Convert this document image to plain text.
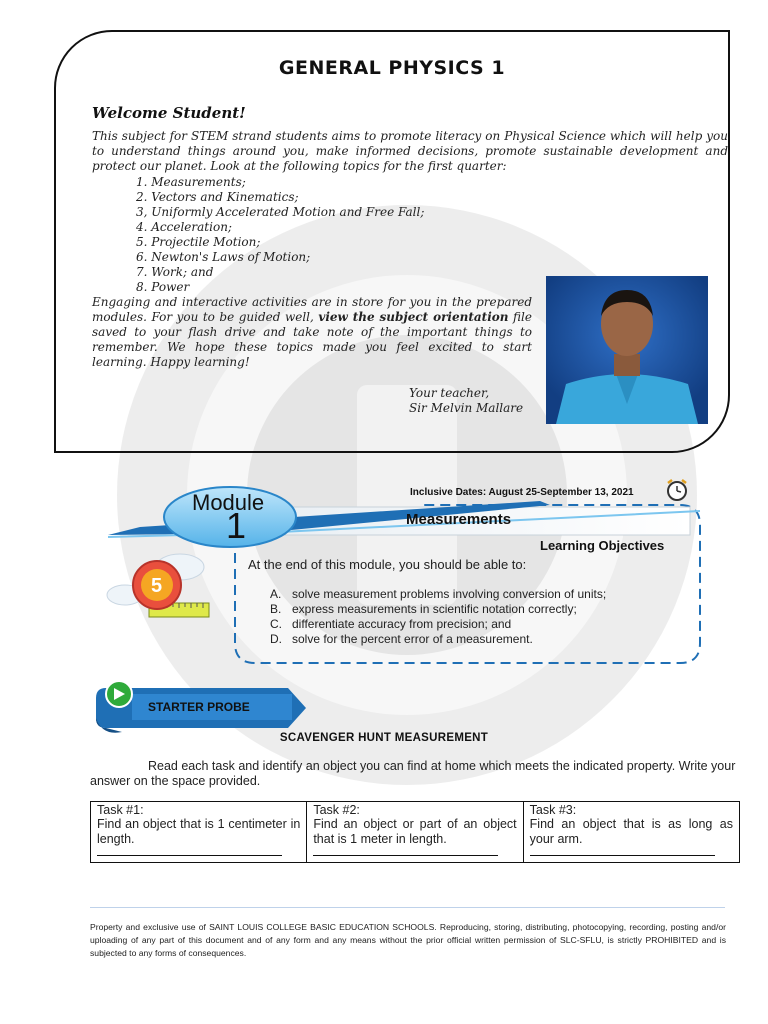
GENERAL PHYSICS 1
Welcome Student!
This subject for STEM strand students aims to promote literacy on Physical Science which will help you to understand things around you, make informed decisions, promote sustainable development and protect our planet. Look at the following topics for the first quarter:
1. Measurements;
2. Vectors and Kinematics;
3, Uniformly Accelerated Motion and Free Fall;
4. Acceleration;
5. Projectile Motion;
6. Newton's Laws of Motion;
7. Work; and
8. Power
Engaging and interactive activities are in store for you in the prepared modules. For you to be guided well, view the subject orientation file saved to your flash drive and take note of the important things to remember. We hope these topics made you feel excited to start learning. Happy learning!
Your teacher,
Sir Melvin Mallare
Inclusive Dates: August 25-September 13, 2021
Module
1	Measurements
Learning Objectives
At the end of this module, you should be able to:
A. solve measurement problems involving conversion of units;
B. express measurements in scientific notation correctly;
C. differentiate accuracy from precision; and
D. solve for the percent error of a measurement.
5
STARTER PROBE
SCAVENGER HUNT MEASUREMENT
Read each task and identify an object you can find at home which meets the indicated property. Write your answer on the space provided.
Task #1:
Find an object that is 1 centimeter in length.

Task #2:
Find an object or part of an object that is 1 meter in length.

Task #3:
Find an object that is as long as your arm.
Property and exclusive use of SAINT LOUIS COLLEGE BASIC EDUCATION SCHOOLS. Reproducing, storing, distributing, photocopying, recording, posting and/or uploading of any part of this document and of any form and any means without the prior official written permission of SLC-SFLU, is strictly PROHIBITED and is subjected to any forms of consequences.
